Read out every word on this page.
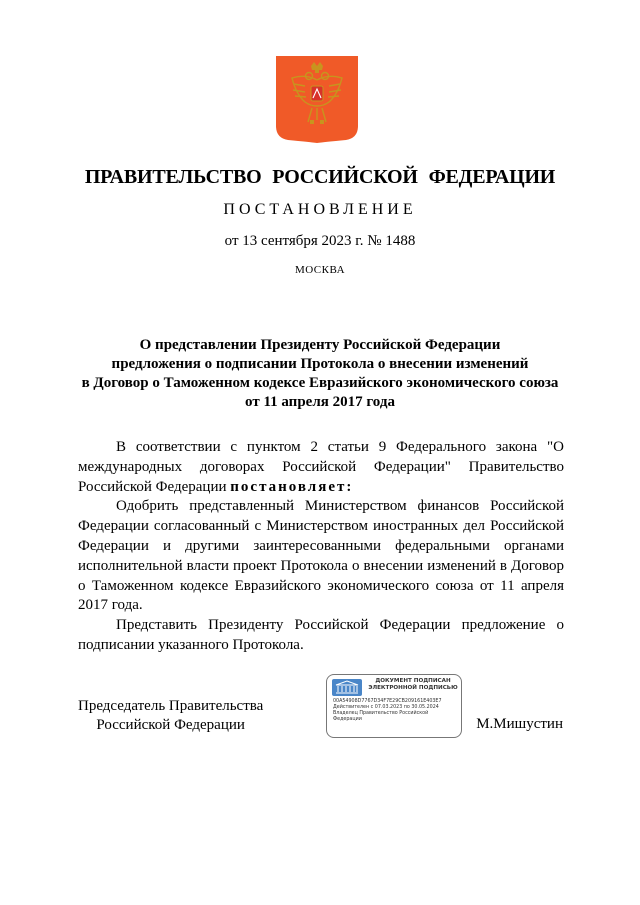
ПРАВИТЕЛЬСТВО РОССИЙСКОЙ ФЕДЕРАЦИИ
ПОСТАНОВЛЕНИЕ
от 13 сентября 2023 г. № 1488
МОСКВА
О представлении Президенту Российской Федерации
предложения о подписании Протокола о внесении изменений
в Договор о Таможенном кодексе Евразийского экономического союза
от 11 апреля 2017 года

В соответствии с пунктом 2 статьи 9 Федерального закона "О международных договорах Российской Федерации" Правительство Российской Федерации постановляет:

Одобрить представленный Министерством финансов Российской Федерации согласованный с Министерством иностранных дел Российской Федерации и другими заинтересованными федеральными органами исполнительной власти проект Протокола о внесении изменений в Договор о Таможенном кодексе Евразийского экономического союза от 11 апреля 2017 года.

Представить Президенту Российской Федерации предложение о подписании указанного Протокола.

Председатель Правительства
Российской Федерации
ДОКУМЕНТ ПОДПИСАН
ЭЛЕКТРОННОЙ ПОДПИСЬЮ
00A54908D7767D34F7E29CB209161E403E7
Действителен с 07.03.2023 по 30.05.2024
Владелец Правительство Российской
Федерации	М.Мишустин
